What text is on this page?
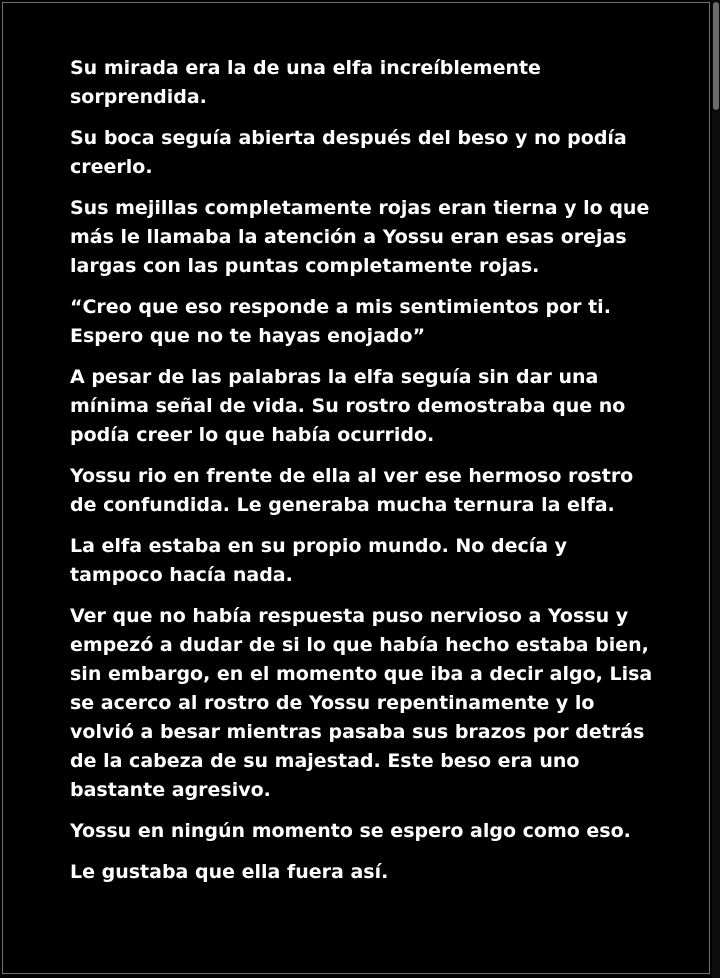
Su mirada era la de una elfa increíblemente sorprendida.

Su boca seguía abierta después del beso y no podía creerlo.

Sus mejillas completamente rojas eran tierna y lo que más le llamaba la atención a Yossu eran esas orejas largas con las puntas completamente rojas.

“Creo que eso responde a mis sentimientos por ti. Espero que no te hayas enojado”

A pesar de las palabras la elfa seguía sin dar una mínima señal de vida. Su rostro demostraba que no podía creer lo que había ocurrido.

Yossu rio en frente de ella al ver ese hermoso rostro de confundida. Le generaba mucha ternura la elfa.

La elfa estaba en su propio mundo. No decía y tampoco hacía nada.

Ver que no había respuesta puso nervioso a Yossu y empezó a dudar de si lo que había hecho estaba bien, sin embargo, en el momento que iba a decir algo, Lisa se acerco al rostro de Yossu repentinamente y lo volvió a besar mientras pasaba sus brazos por detrás de la cabeza de su majestad. Este beso era uno bastante agresivo.

Yossu en ningún momento se espero algo como eso.

Le gustaba que ella fuera así.
